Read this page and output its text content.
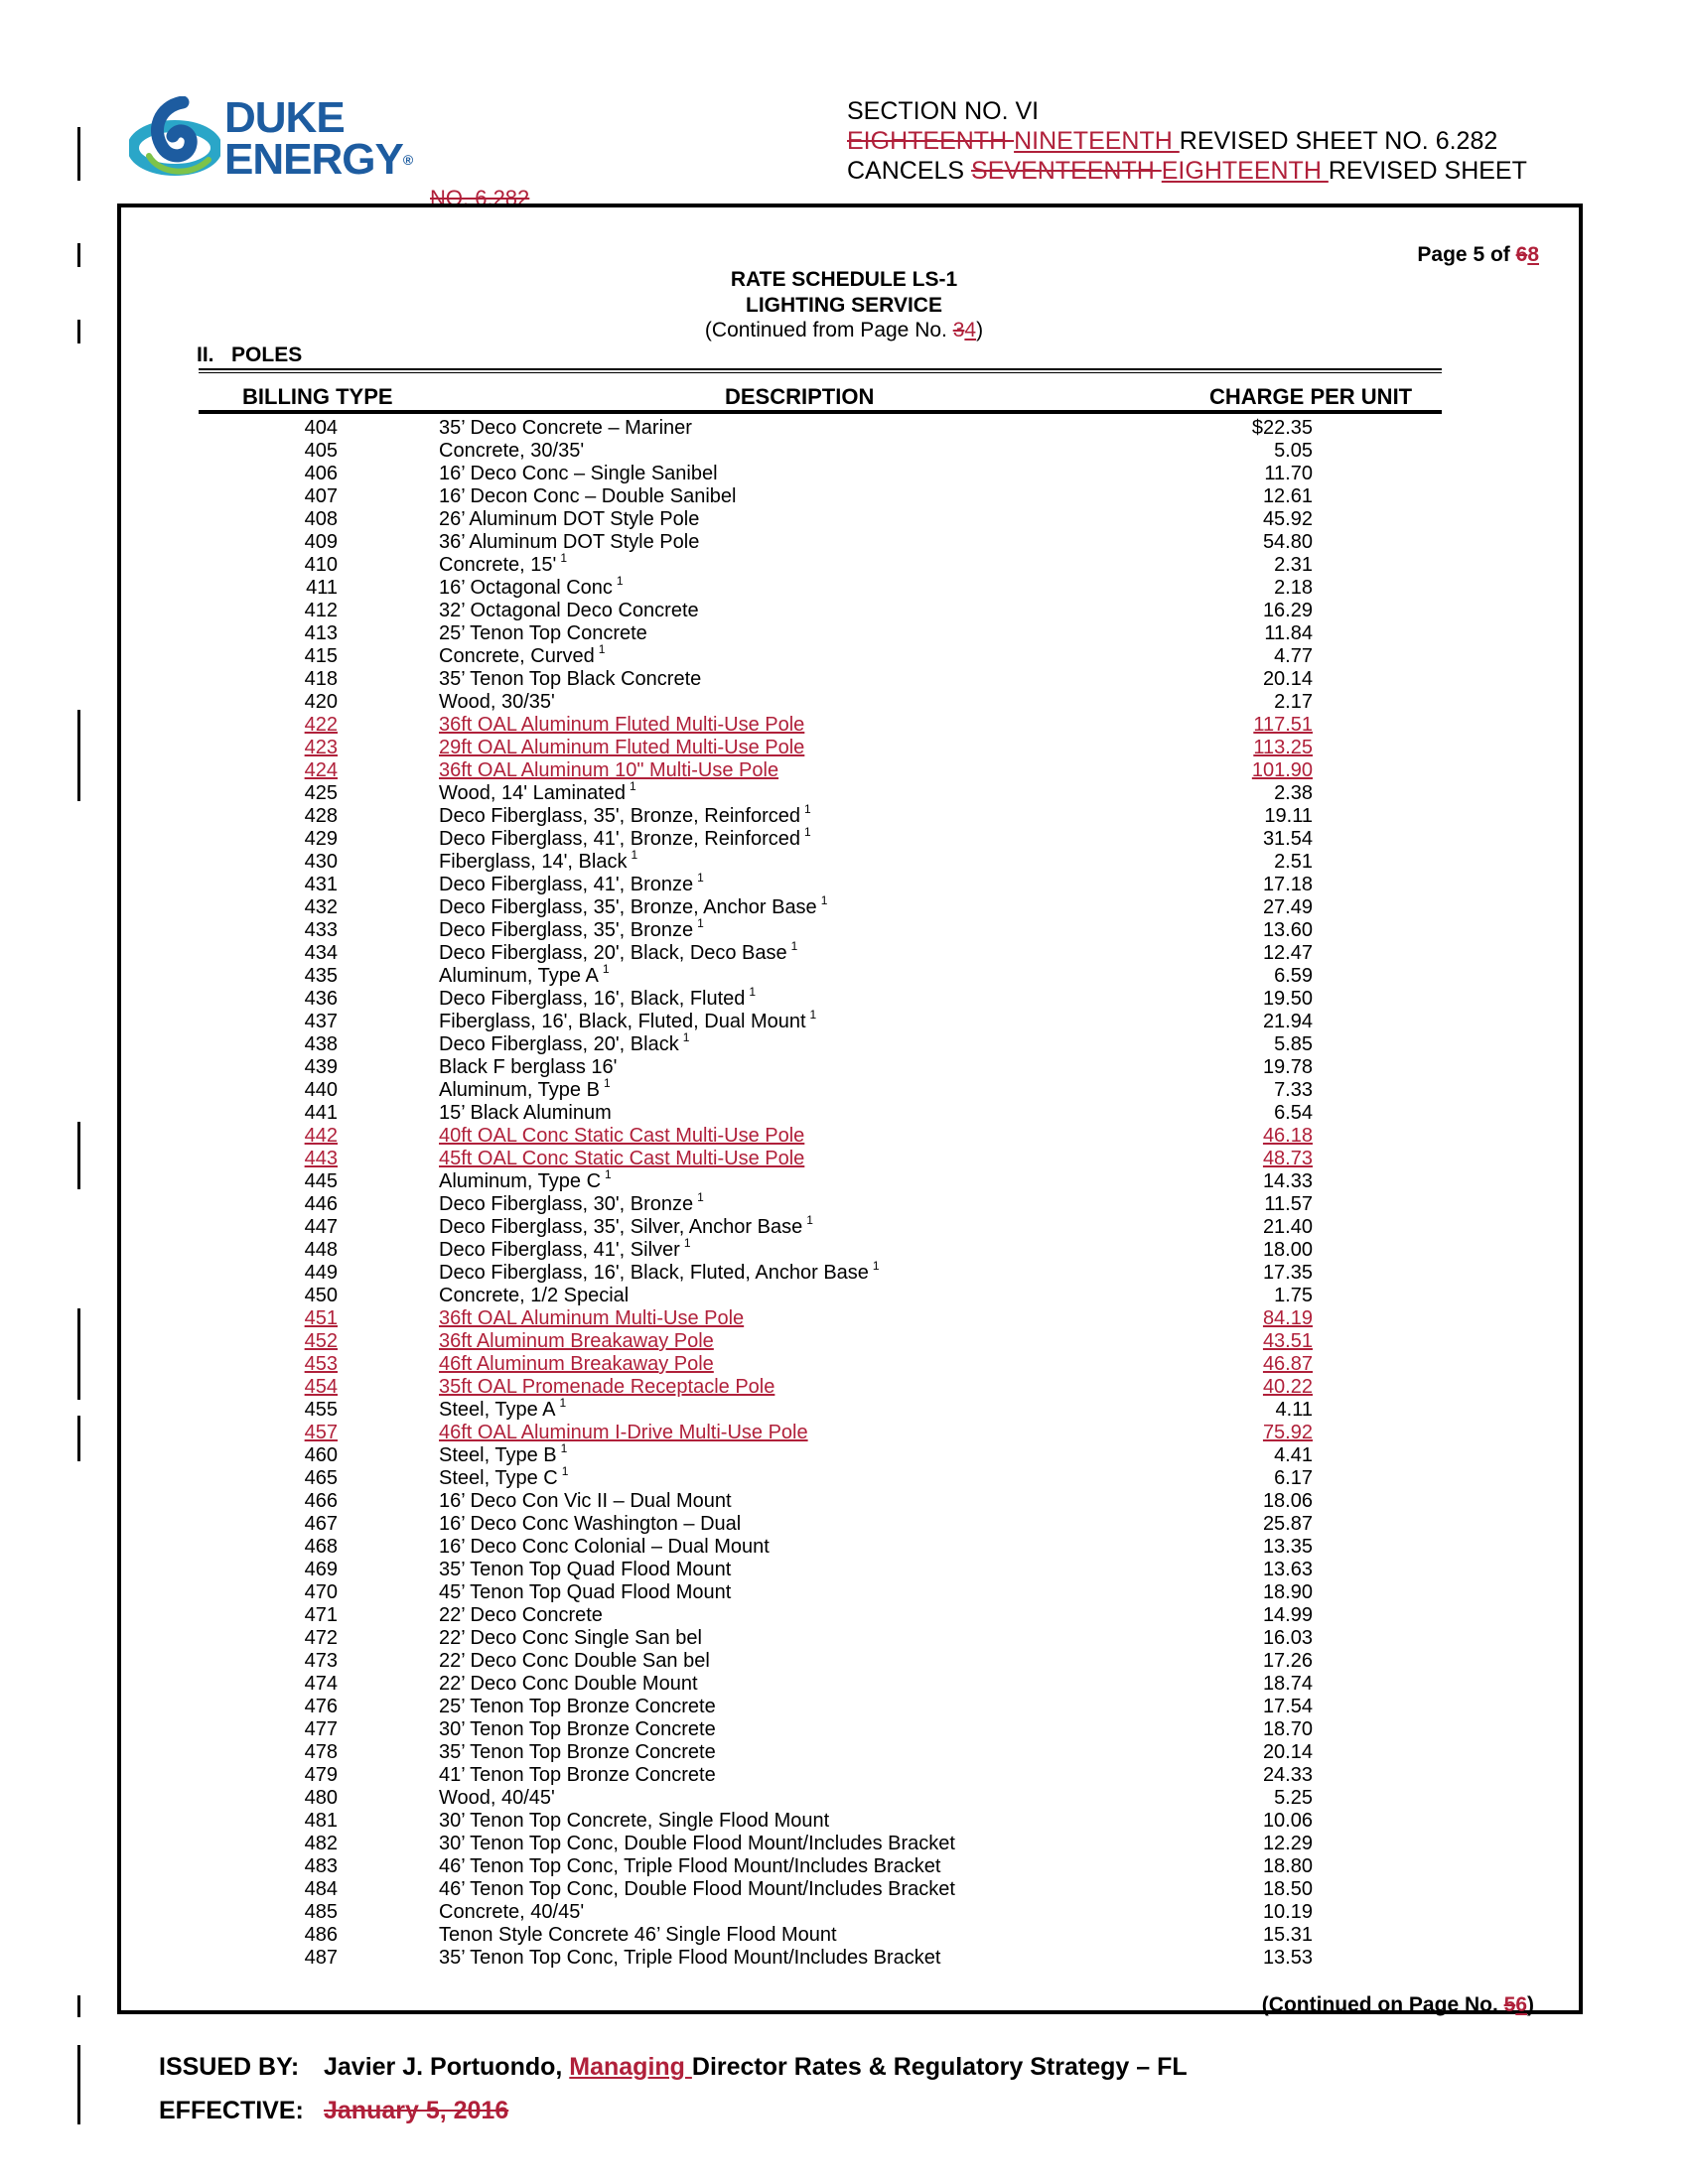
DUKE
ENERGY®
SECTION NO. VI
EIGHTEENTH NINETEENTH REVISED SHEET NO. 6.282
CANCELS SEVENTEENTH EIGHTEENTH REVISED SHEET
NO. 6.282
Page 5 of 68
RATE SCHEDULE LS-1
LIGHTING SERVICE
(Continued from Page No. 34)
II. POLES
BILLING TYPE	DESCRIPTION	CHARGE PER UNIT
404	35’ Deco Concrete – Mariner	$22.35
405	Concrete, 30/35'	5.05
406	16’ Deco Conc – Single Sanibel	11.70
407	16’ Decon Conc – Double Sanibel	12.61
408	26’ Aluminum DOT Style Pole	45.92
409	36’ Aluminum DOT Style Pole	54.80
410	Concrete, 15' $^1$	2.31
411	16’ Octagonal Conc $^1$	2.18
412	32’ Octagonal Deco Concrete	16.29
413	25’ Tenon Top Concrete	11.84
415	Concrete, Curved $^1$	4.77
418	35’ Tenon Top Black Concrete	20.14
420	Wood, 30/35'	2.17
422	36ft OAL Aluminum Fluted Multi-Use Pole	117.51
423	29ft OAL Aluminum Fluted Multi-Use Pole	113.25
424	36ft OAL Aluminum 10" Multi-Use Pole	101.90
425	Wood, 14' Laminated $^1$	2.38
428	Deco Fiberglass, 35', Bronze, Reinforced $^1$	19.11
429	Deco Fiberglass, 41', Bronze, Reinforced $^1$	31.54
430	Fiberglass, 14', Black $^1$	2.51
431	Deco Fiberglass, 41', Bronze $^1$	17.18
432	Deco Fiberglass, 35', Bronze, Anchor Base $^1$	27.49
433	Deco Fiberglass, 35', Bronze $^1$	13.60
434	Deco Fiberglass, 20', Black, Deco Base $^1$	12.47
435	Aluminum, Type A $^1$	6.59
436	Deco Fiberglass, 16', Black, Fluted $^1$	19.50
437	Fiberglass, 16', Black, Fluted, Dual Mount $^1$	21.94
438	Deco Fiberglass, 20', Black $^1$	5.85
439	Black F berglass 16'	19.78
440	Aluminum, Type B $^1$	7.33
441	15’ Black Aluminum	6.54
442	40ft OAL Conc Static Cast Multi-Use Pole	46.18
443	45ft OAL Conc Static Cast Multi-Use Pole	48.73
445	Aluminum, Type C $^1$	14.33
446	Deco Fiberglass, 30', Bronze $^1$	11.57
447	Deco Fiberglass, 35', Silver, Anchor Base $^1$	21.40
448	Deco Fiberglass, 41', Silver $^1$	18.00
449	Deco Fiberglass, 16', Black, Fluted, Anchor Base $^1$	17.35
450	Concrete, 1/2 Special	1.75
451	36ft OAL Aluminum Multi-Use Pole	84.19
452	36ft Aluminum Breakaway Pole	43.51
453	46ft Aluminum Breakaway Pole	46.87
454	35ft OAL Promenade Receptacle Pole	40.22
455	Steel, Type A $^1$	4.11
457	46ft OAL Aluminum I-Drive Multi-Use Pole	75.92
460	Steel, Type B $^1$	4.41
465	Steel, Type C $^1$	6.17
466	16’ Deco Con Vic II – Dual Mount	18.06
467	16’ Deco Conc Washington – Dual	25.87
468	16’ Deco Conc Colonial – Dual Mount	13.35
469	35’ Tenon Top Quad Flood Mount	13.63
470	45’ Tenon Top Quad Flood Mount	18.90
471	22’ Deco Concrete	14.99
472	22’ Deco Conc Single San bel	16.03
473	22’ Deco Conc Double San bel	17.26
474	22’ Deco Conc Double Mount	18.74
476	25’ Tenon Top Bronze Concrete	17.54
477	30’ Tenon Top Bronze Concrete	18.70
478	35’ Tenon Top Bronze Concrete	20.14
479	41’ Tenon Top Bronze Concrete	24.33
480	Wood, 40/45'	5.25
481	30’ Tenon Top Concrete, Single Flood Mount	10.06
482	30’ Tenon Top Conc, Double Flood Mount/Includes Bracket	12.29
483	46’ Tenon Top Conc, Triple Flood Mount/Includes Bracket	18.80
484	46’ Tenon Top Conc, Double Flood Mount/Includes Bracket	18.50
485	Concrete, 40/45'	10.19
486	Tenon Style Concrete 46’ Single Flood Mount	15.31
487	35’ Tenon Top Conc, Triple Flood Mount/Includes Bracket	13.53
(Continued on Page No. 56)
ISSUED BY: Javier J. Portuondo, Managing Director Rates & Regulatory Strategy – FL
EFFECTIVE: January 5, 2016
